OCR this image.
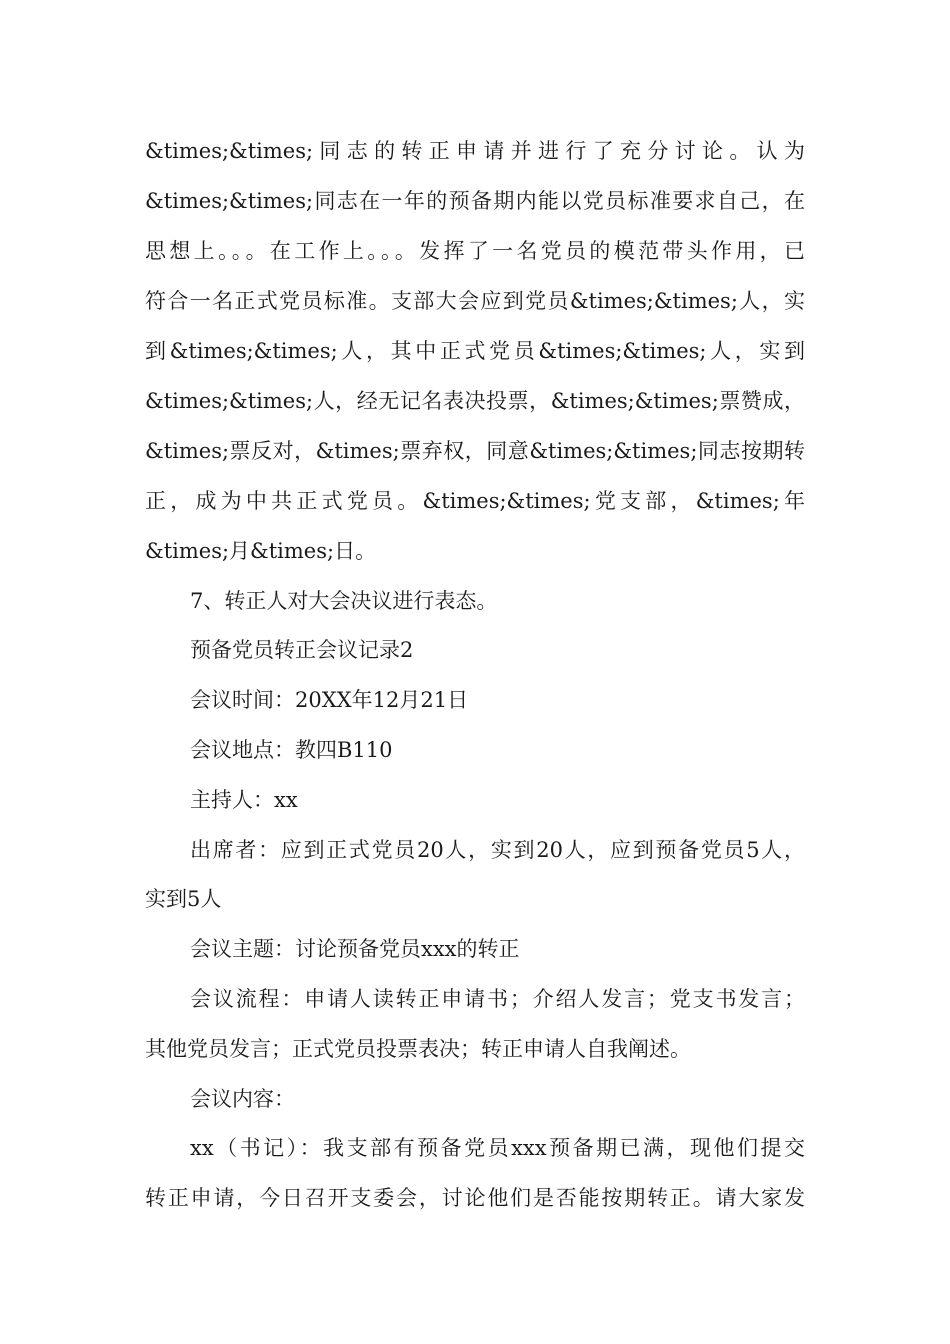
&times;&times;同志的转正申请并进行了充分讨论。认为

&times;&times;同志在一年的预备期内能以党员标准要求自己，在

思想上。。。在工作上。。。发挥了一名党员的模范带头作用，已

符合一名正式党员标准。支部大会应到党员&times;&times;人，实

到&times;&times;人，其中正式党员&times;&times;人，实到

&times;&times;人，经无记名表决投票，&times;&times;票赞成，

&times;票反对，&times;票弃权，同意&times;&times;同志按期转

正，成为中共正式党员。&times;&times;党支部，&times;年

&times;月&times;日。

7、转正人对大会决议进行表态。

预备党员转正会议记录2

会议时间：20XX年12月21日

会议地点：教四B110

主持人：xx

出席者：应到正式党员20人，实到20人，应到预备党员5人，

实到5人

会议主题：讨论预备党员xxx的转正

会议流程：申请人读转正申请书；介绍人发言；党支书发言；

其他党员发言；正式党员投票表决；转正申请人自我阐述。

会议内容：

xx（书记）：我支部有预备党员xxx预备期已满，现他们提交

转正申请，今日召开支委会，讨论他们是否能按期转正。请大家发
